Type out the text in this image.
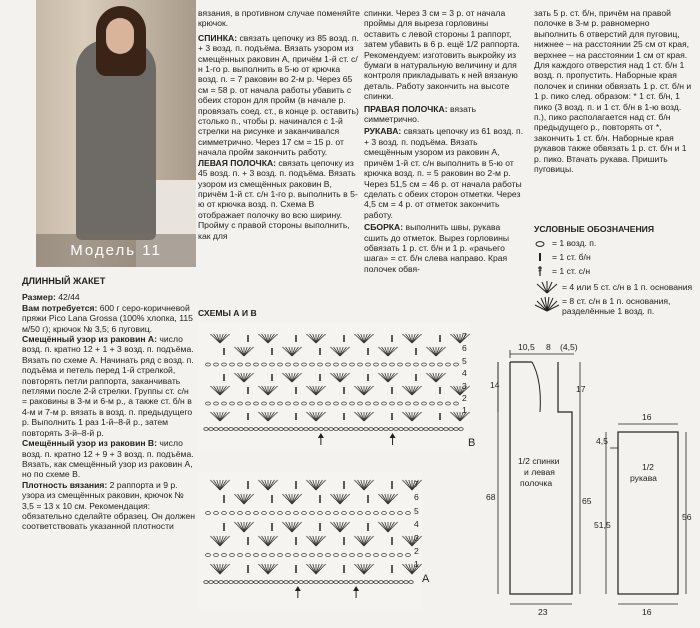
Модель 11
ДЛИННЫЙ ЖАКЕТ
Размер: 42/44
Вам потребуется: 600 г серо-коричневой пряжи Pico Lana Grossa (100% хлопка, 115 м/50 г); крючок № 3,5; 6 пуговиц.
Смещённый узор из раковин А: число возд. п. кратно 12 + 1 + 3 возд. п. подъёма. Вязать по схеме А. Начинать ряд с возд. п. подъёма и петель перед 1-й стрелкой, повторять петли раппорта, заканчивать петлями после 2-й стрелки. Группы ст. с/н = раковины в 3-м и 6-м р., а также ст. б/н в 4-м и 7-м р. вязать в возд. п. предыдущего р. Выполнить 1 раз 1-й–8-й р., затем повторять 3-й–8-й р.
Смещённый узор из раковин В: число возд. п. кратно 12 + 9 + 3 возд. п. подъёма. Вязать, как смещённый узор из раковин А, но по схеме В.
Плотность вязания: 2 раппорта и 9 р. узора из смещённых раковин, крючок № 3,5 = 13 х 10 см. Рекомендация: обязательно сделайте образец. Он должен соответствовать указанной плотности
вязания, в противном случае поменяйте крючок.
СПИНКА: связать цепочку из 85 возд. п. + 3 возд. п. подъёма. Вязать узором из смещённых раковин А, причём 1-й ст. с/н 1-го р. выполнить в 5-ю от крючка возд. п. = 7 раковин во 2-м р. Через 65 см = 58 р. от начала работы убавить с обеих сторон для пройм (в начале р. провязать соед. ст., в конце р. оставить) столько п., чтобы р. начинался с 1-й стрелки на рисунке и заканчивался симметрично. Через 17 см = 15 р. от начала пройм закончить работу.
ЛЕВАЯ ПОЛОЧКА: связать цепочку из 45 возд. п. + 3 возд. п. подъёма. Вязать узором из смещённых раковин В, причём 1-й ст. с/н 1-го р. выполнить в 5-ю от крючка возд. п. Схема В отображает полочку во всю ширину. Пройму с правой стороны выполнить, как для
спинки. Через 3 см = 3 р. от начала проймы для выреза горловины оставить с левой стороны 1 раппорт, затем убавить в 6 р. ещё 1/2 раппорта. Рекомендуем: изготовить выкройку из бумаги в натуральную величину и для контроля прикладывать к ней вязаную деталь. Работу закончить на высоте спинки.
ПРАВАЯ ПОЛОЧКА: вязать симметрично.
РУКАВА: связать цепочку из 61 возд. п. + 3 возд. п. подъёма. Вязать смещённым узором из раковин А, причём 1-й ст. с/н выполнить в 5-ю от крючка возд. п. = 5 раковин во 2-м р. Через 51,5 см = 46 р. от начала работы сделать с обеих сторон отметки. Через 4,5 см = 4 р. от отметок закончить работу.
СБОРКА: выполнить швы, рукава сшить до отметок. Вырез горловины обвязать 1 р. ст. б/н и 1 р. «рачьего шага» = ст. б/н слева направо. Края полочек обвя-
зать 5 р. ст. б/н, причём на правой полочке в 3-м р. равномерно выполнить 6 отверстий для пуговиц, нижнее – на расстоянии 25 см от края, верхнее – на расстоянии 1 см от края. Для каждого отверстия над 1 ст. б/н 1 возд. п. пропустить. Наборные края полочек и спинки обвязать 1 р. ст. б/н и 1 р. пико след. образом: * 1 ст. б/н, 1 пико (3 возд. п. и 1 ст. б/н в 1-ю возд. п.), пико располагается над ст. б/н предыдущего р., повторять от *, закончить 1 ст. б/н. Наборные края рукавов также обвязать 1 р. ст. б/н и 1 р. пико. Втачать рукава. Пришить пуговицы.
УСЛОВНЫЕ ОБОЗНАЧЕНИЯ
= 1 возд. п.
= 1 ст. б/н
= 1 ст. с/н
= 4 или 5 ст. с/н в 1 п. основания
= 8 ст. с/н в 1 п. основания, разделённые 1 возд. п.
СХЕМЫ А И В
7
6
5
4
3
2
1
В
7
6
5
4
3
2
1
А
10,5 8 (4,5)
14	17
68	65
23
1/2 спинки
и левая
полочка
1/2
рукава
16
4,5
51,5
56
16
